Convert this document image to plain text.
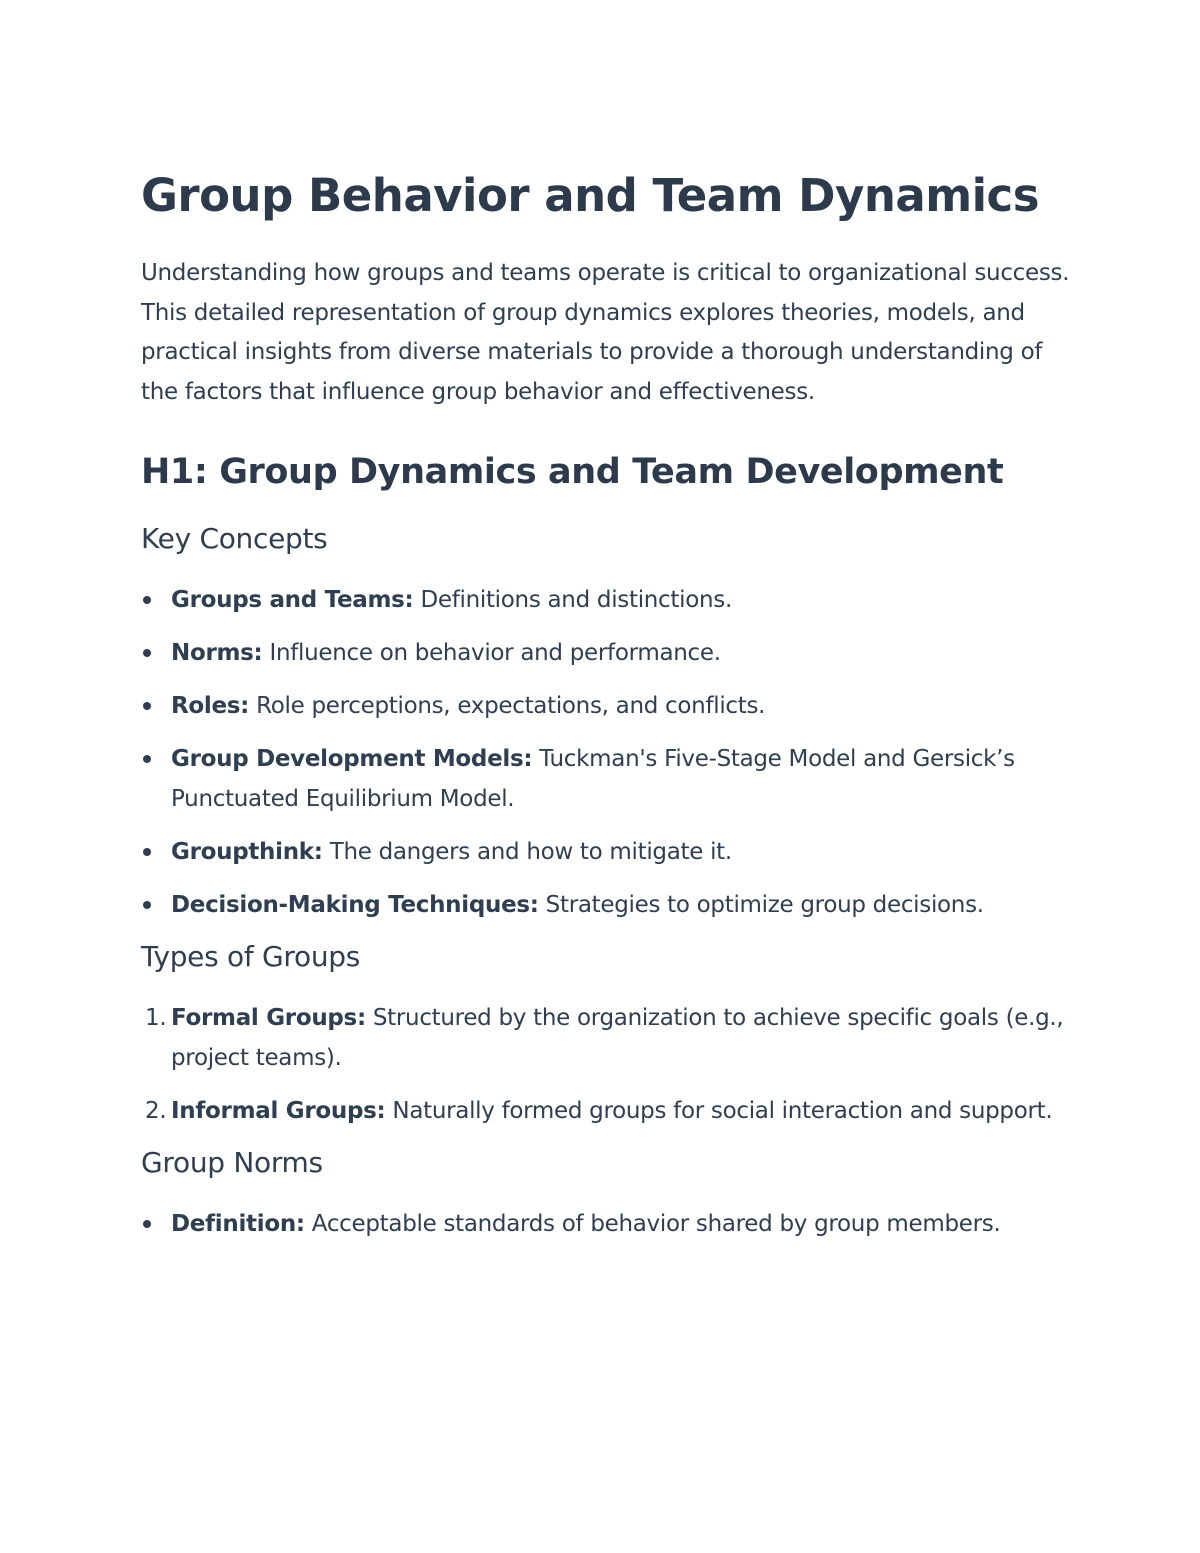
Group Behavior and Team Dynamics

Understanding how groups and teams operate is critical to organizational success. This detailed representation of group dynamics explores theories, models, and practical insights from diverse materials to provide a thorough understanding of the factors that influence group behavior and effectiveness.

H1: Group Dynamics and Team Development
Key Concepts
Groups and Teams: Definitions and distinctions.
Norms: Influence on behavior and performance.
Roles: Role perceptions, expectations, and conflicts.
Group Development Models: Tuckman's Five-Stage Model and Gersick’s Punctuated Equilibrium Model.
Groupthink: The dangers and how to mitigate it.
Decision-Making Techniques: Strategies to optimize group decisions.
Types of Groups
1. Formal Groups: Structured by the organization to achieve specific goals (e.g., project teams).
2. Informal Groups: Naturally formed groups for social interaction and support.
Group Norms
Definition: Acceptable standards of behavior shared by group members.
